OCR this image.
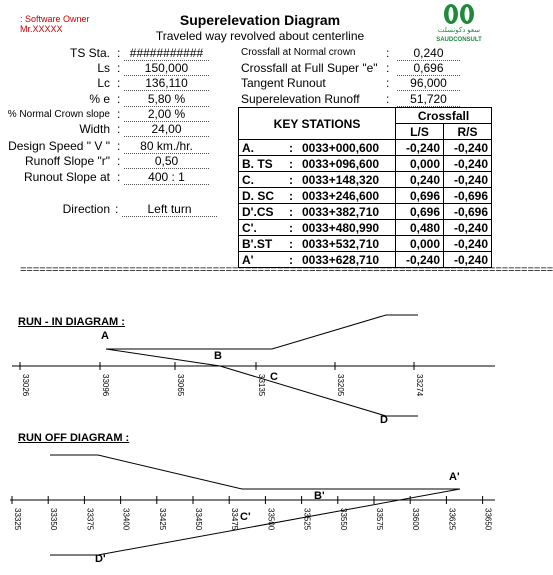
: Software Owner
Mr.XXXXX
Superelevation Diagram
Traveled way revolved about centerline	سعو دكونسلت
SAUDCONSULT
TS Sta. : ###########
Ls :	150,000
Lc :	136,110
% e :	5,80 %
% Normal Crown slope :	2,00 %
Width :	24,00
Design Speed " V " :	80 km./hr.
Runoff Slope "r" :	0,50
Runout Slope at :	400 : 1
Direction :	Left turn
Crossfall at Normal crown	:	0,240
Crossfall at Full Super "e" :	0,696
Tangent Runout	:	96,000
Superelevation Runoff :	51,720
KEY STATIONS			Crossfall	
			L/S	R/S
A.	:	0033+000,600	-0,240	-0,240
B. TS	:	0033+096,600	0,000	-0,240
C.	:	0033+148,320	0,240	-0,240
D. SC	:	0033+246,600	0,696	-0,696
D'.CS	:	0033+382,710	0,696	-0,696
C'.	:	0033+480,990	0,480	-0,240
B'.ST	:	0033+532,710	0,000	-0,240
A'	:	0033+628,710	-0,240	-0,240
===================================================================================
RUN - IN DIAGRAM :
RUN OFF DIAGRAM :
33026	33096	33065	33135	33205	33274
A
B
C
D
33325	33350	33375	33400	33425	33450	33475	33500	33525	33550	33575	33600	33625	33650
A'
B'
C'
D'
